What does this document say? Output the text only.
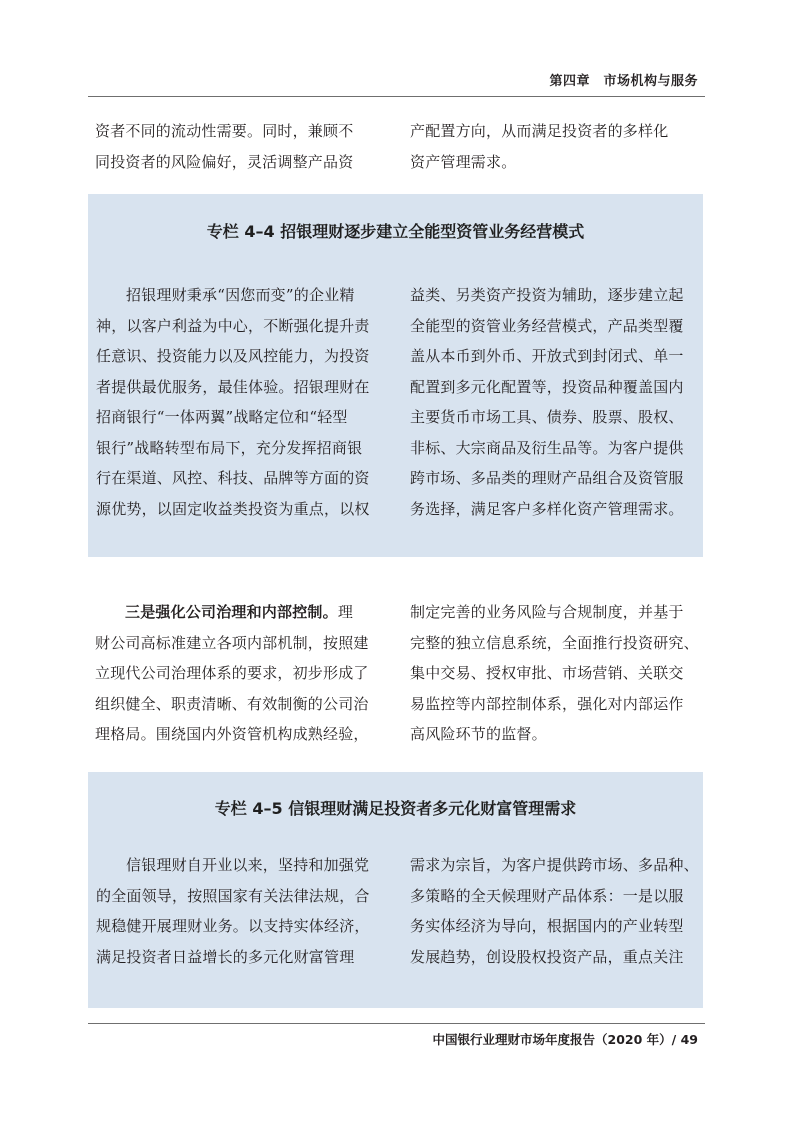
第四章　市场机构与服务
资者不同的流动性需要。同时，兼顾不
同投资者的风险偏好，灵活调整产品资
产配置方向，从而满足投资者的多样化
资产管理需求。
专栏 4–4 招银理财逐步建立全能型资管业务经营模式
招银理财秉承“因您而变”的企业精
神，以客户利益为中心，不断强化提升责
任意识、投资能力以及风控能力，为投资
者提供最优服务，最佳体验。招银理财在
招商银行“一体两翼”战略定位和“轻型
银行”战略转型布局下，充分发挥招商银
行在渠道、风控、科技、品牌等方面的资
源优势，以固定收益类投资为重点，以权
益类、另类资产投资为辅助，逐步建立起
全能型的资管业务经营模式，产品类型覆
盖从本币到外币、开放式到封闭式、单一
配置到多元化配置等，投资品种覆盖国内
主要货币市场工具、债券、股票、股权、
非标、大宗商品及衍生品等。为客户提供
跨市场、多品类的理财产品组合及资管服
务选择，满足客户多样化资产管理需求。
三是强化公司治理和内部控制。理
财公司高标准建立各项内部机制，按照建
立现代公司治理体系的要求，初步形成了
组织健全、职责清晰、有效制衡的公司治
理格局。围绕国内外资管机构成熟经验，
制定完善的业务风险与合规制度，并基于
完整的独立信息系统，全面推行投资研究、
集中交易、授权审批、市场营销、关联交
易监控等内部控制体系，强化对内部运作
高风险环节的监督。
专栏 4–5 信银理财满足投资者多元化财富管理需求
信银理财自开业以来，坚持和加强党
的全面领导，按照国家有关法律法规，合
规稳健开展理财业务。以支持实体经济，
满足投资者日益增长的多元化财富管理
需求为宗旨，为客户提供跨市场、多品种、
多策略的全天候理财产品体系：一是以服
务实体经济为导向，根据国内的产业转型
发展趋势，创设股权投资产品，重点关注
中国银行业理财市场年度报告（2020 年）/ 49
